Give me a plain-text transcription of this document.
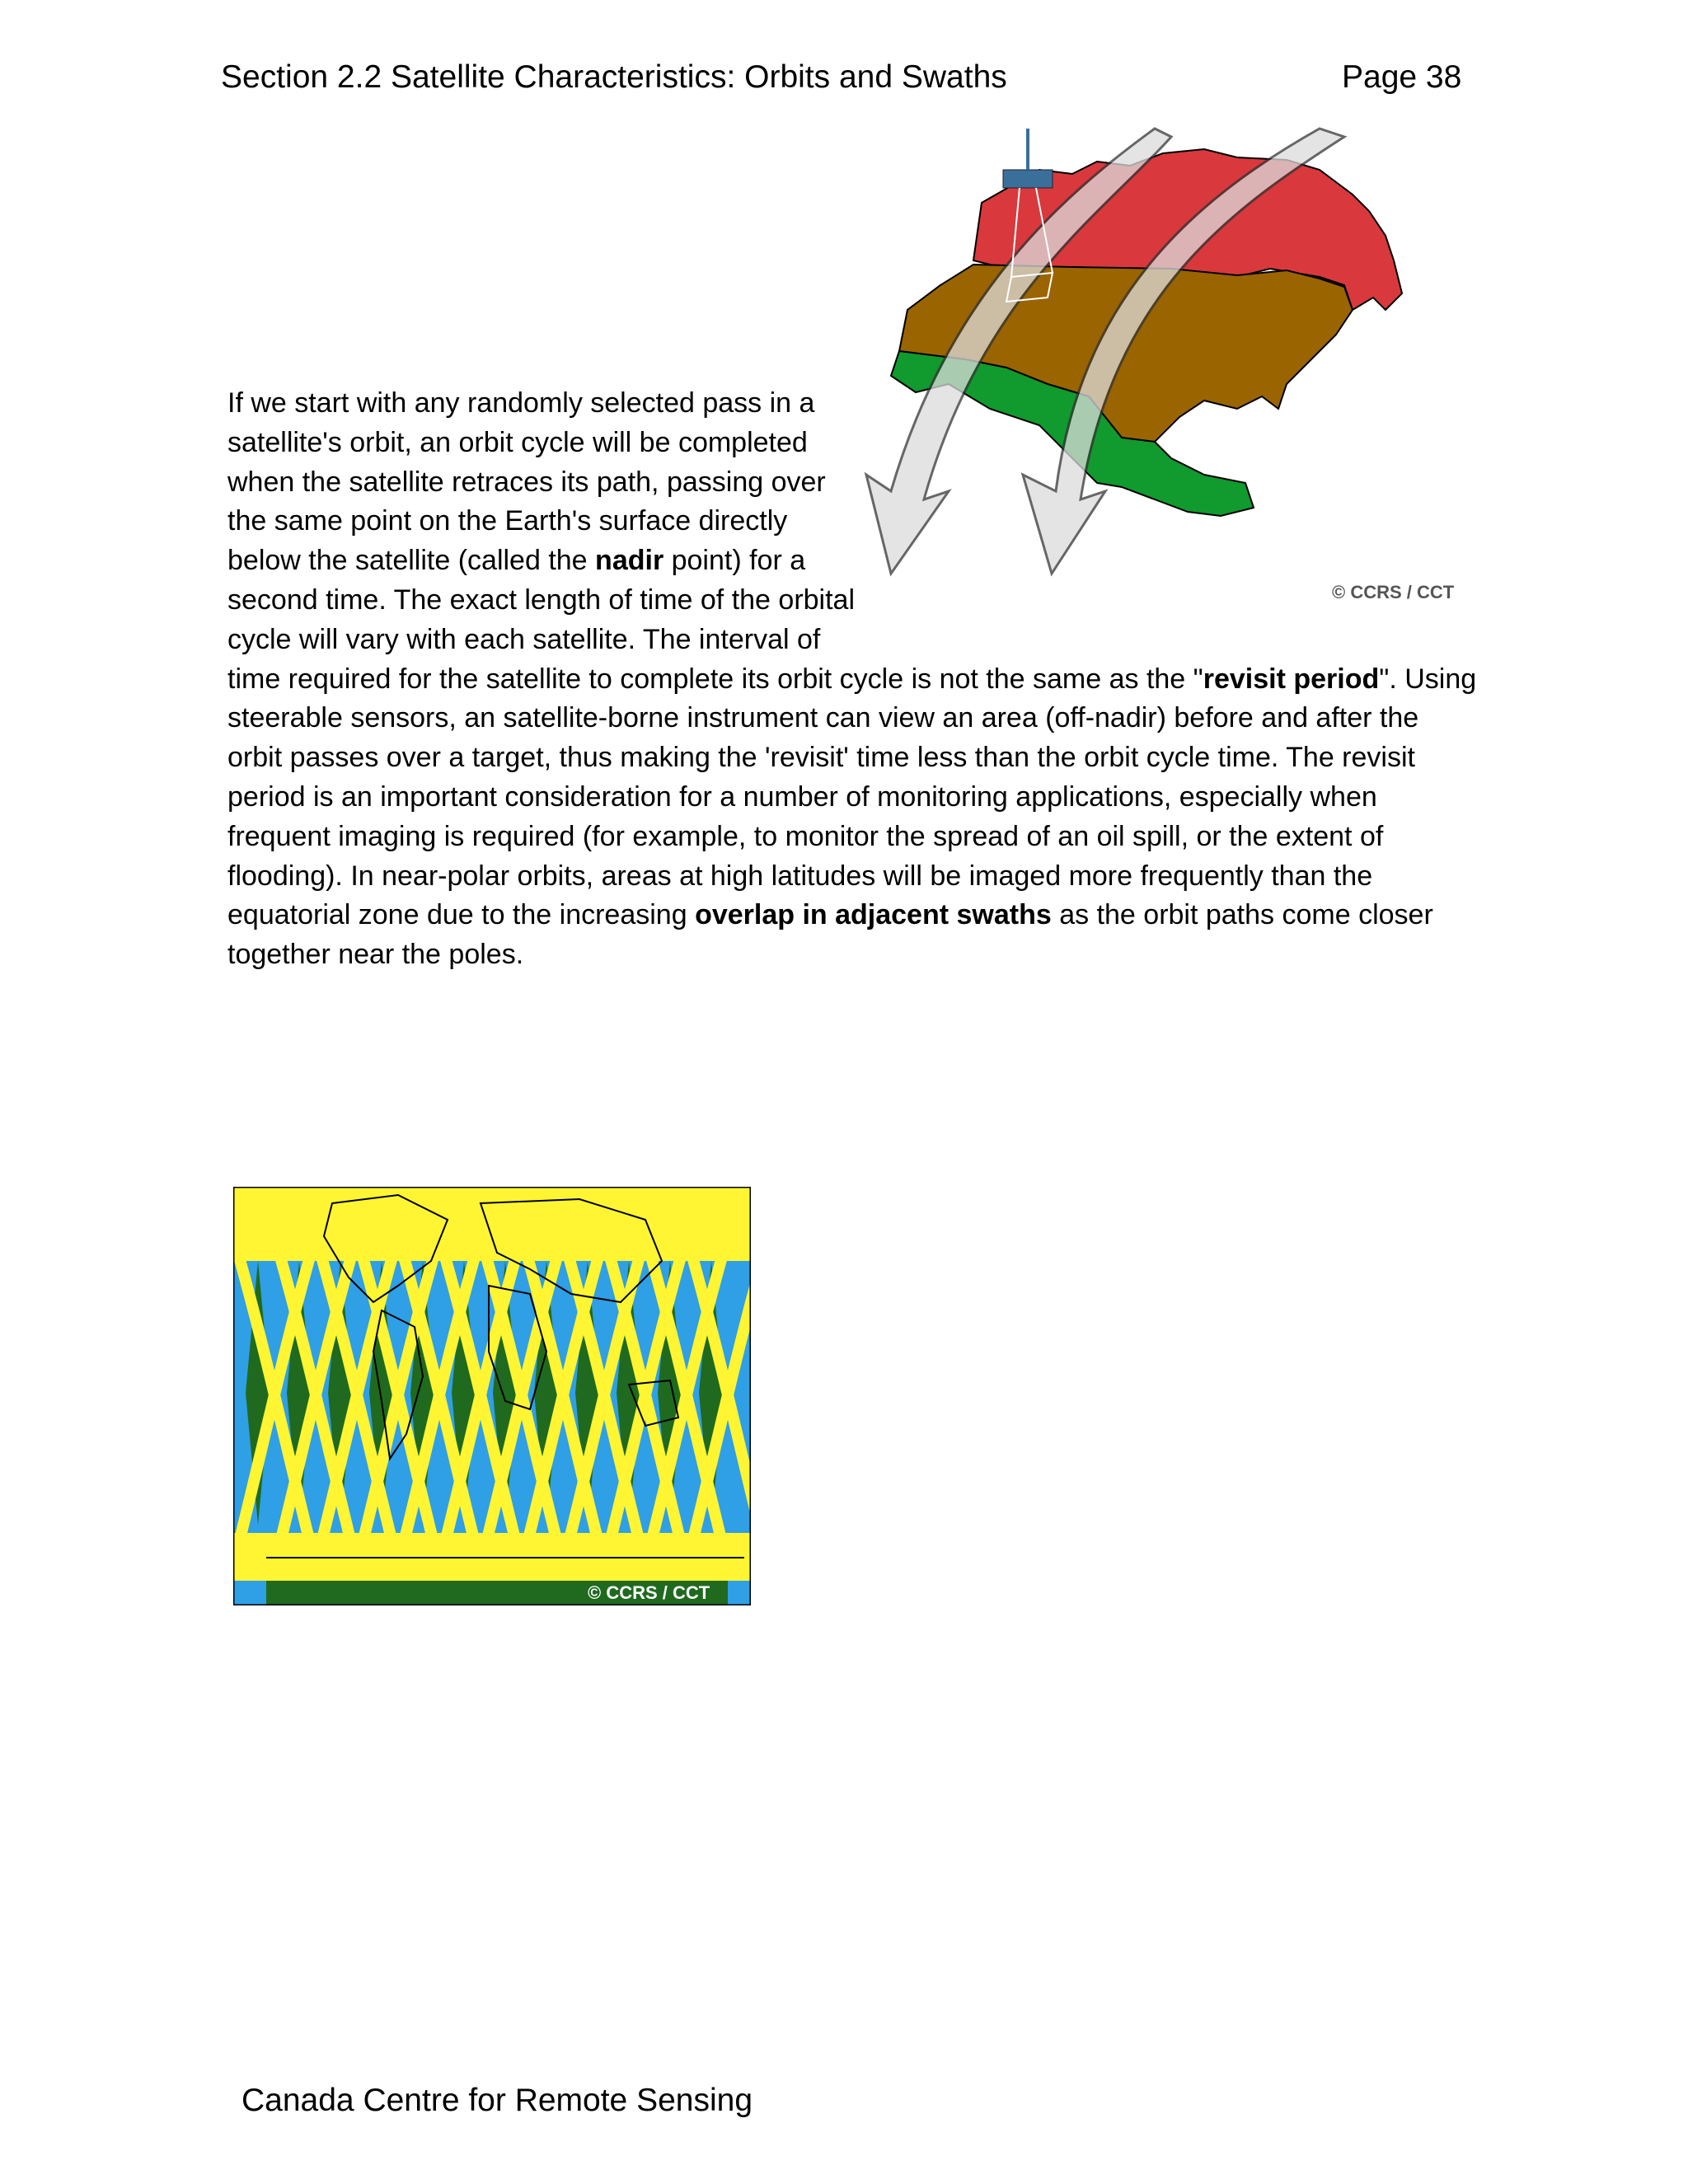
Section 2.2 Satellite Characteristics: Orbits and Swaths	Page 38
© CCRS / CCT
If we start with any randomly selected pass in a satellite's orbit, an orbit cycle will be completed when the satellite retraces its path, passing over the same point on the Earth's surface directly below the satellite (called the nadir point) for a second time. The exact length of time of the orbital cycle will vary with each satellite. The interval of time required for the satellite to complete its orbit cycle is not the same as the "revisit period". Using steerable sensors, an satellite-borne instrument can view an area (off-nadir) before and after the orbit passes over a target, thus making the 'revisit' time less than the orbit cycle time. The revisit period is an important consideration for a number of monitoring applications, especially when frequent imaging is required (for example, to monitor the spread of an oil spill, or the extent of flooding). In near-polar orbits, areas at high latitudes will be imaged more frequently than the equatorial zone due to the increasing overlap in adjacent swaths as the orbit paths come closer together near the poles.
© CCRS / CCT
Canada Centre for Remote Sensing
